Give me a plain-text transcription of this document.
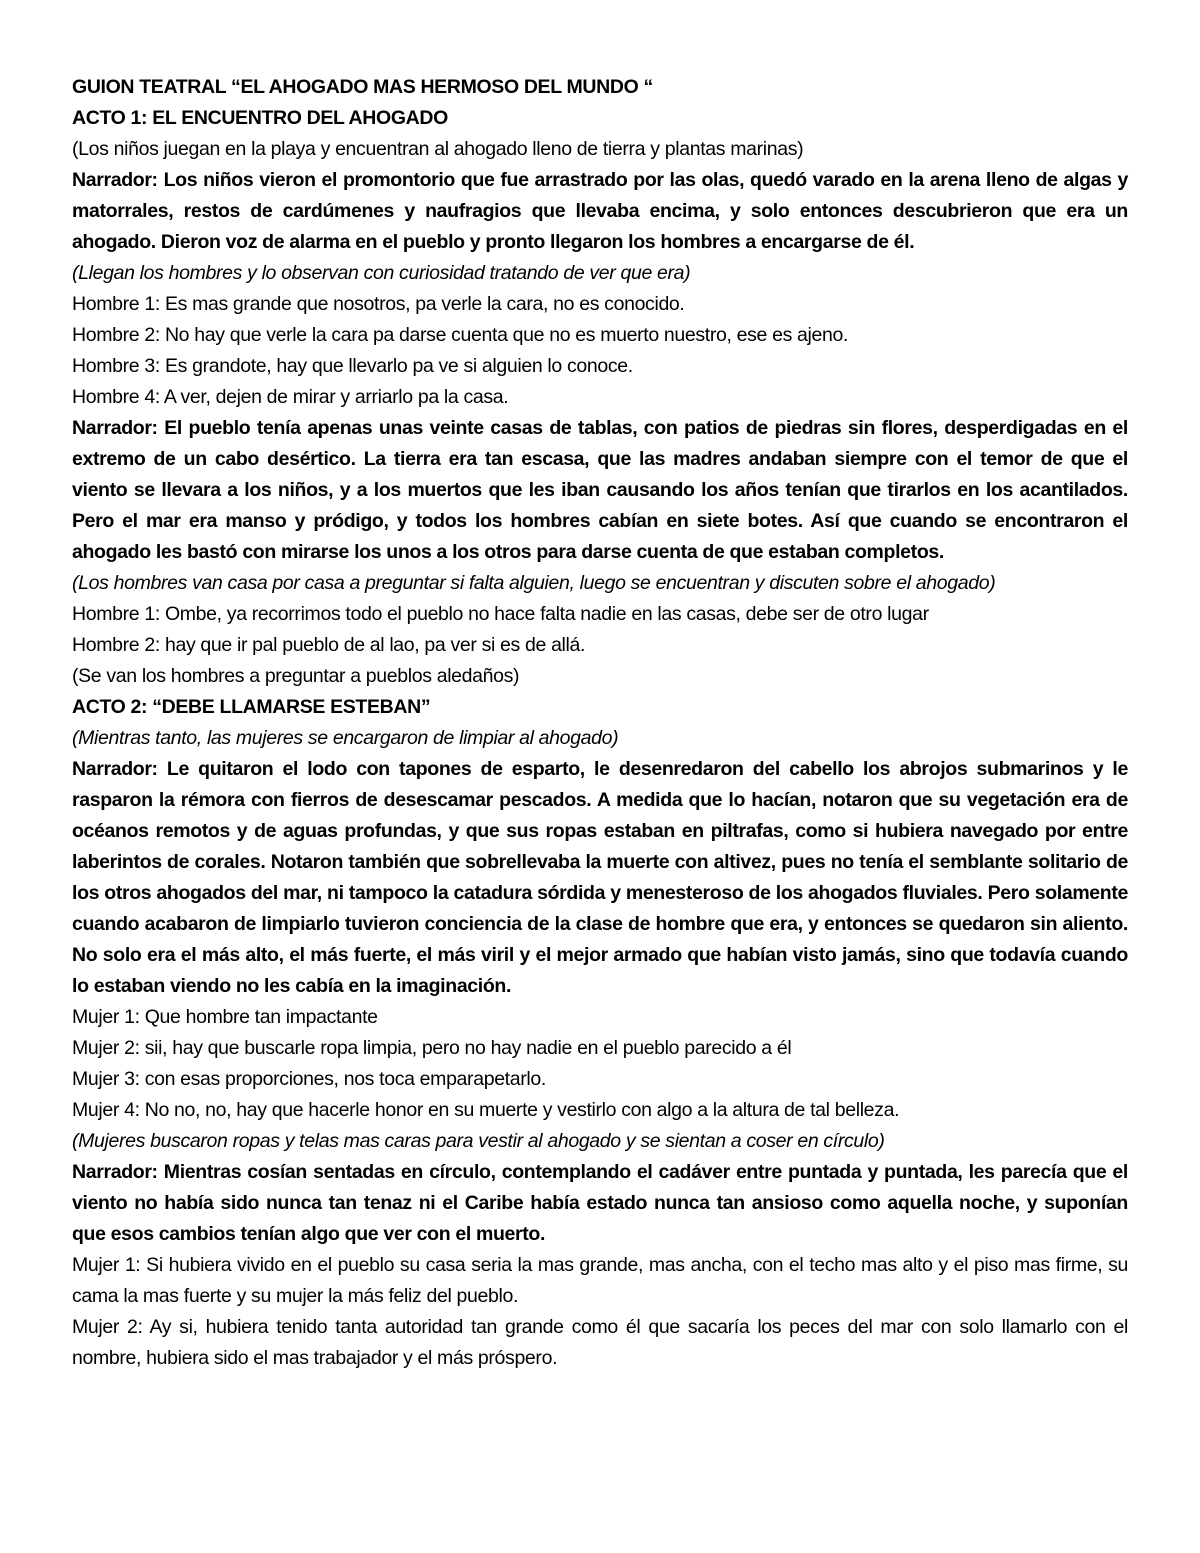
GUION TEATRAL “EL AHOGADO MAS HERMOSO DEL MUNDO “

ACTO 1: EL ENCUENTRO DEL AHOGADO

(Los niños juegan en la playa y encuentran al ahogado lleno de tierra y plantas marinas)

Narrador: Los niños vieron el promontorio que fue arrastrado por las olas, quedó varado en la arena lleno de algas y matorrales, restos de cardúmenes y naufragios que llevaba encima, y solo entonces descubrieron que era un ahogado. Dieron voz de alarma en el pueblo y pronto llegaron los hombres a encargarse de él.

(Llegan los hombres y lo observan con curiosidad tratando de ver que era)

Hombre 1: Es mas grande que nosotros, pa verle la cara, no es conocido.

Hombre 2: No hay que verle la cara pa darse cuenta que no es muerto nuestro, ese es ajeno.

Hombre 3: Es grandote, hay que llevarlo pa ve si alguien lo conoce.

Hombre 4: A ver, dejen de mirar y arriarlo pa la casa.

Narrador: El pueblo tenía apenas unas veinte casas de tablas, con patios de piedras sin flores, desperdigadas en el extremo de un cabo desértico. La tierra era tan escasa, que las madres andaban siempre con el temor de que el viento se llevara a los niños, y a los muertos que les iban causando los años tenían que tirarlos en los acantilados. Pero el mar era manso y pródigo, y todos los hombres cabían en siete botes. Así que cuando se encontraron el ahogado les bastó con mirarse los unos a los otros para darse cuenta de que estaban completos.

(Los hombres van casa por casa a preguntar si falta alguien, luego se encuentran y discuten sobre el ahogado)

Hombre 1: Ombe, ya recorrimos todo el pueblo no hace falta nadie en las casas, debe ser de otro lugar

Hombre 2: hay que ir pal pueblo de al lao, pa ver si es de allá.

(Se van los hombres a preguntar a pueblos aledaños)

ACTO 2: “DEBE LLAMARSE ESTEBAN”

(Mientras tanto, las mujeres se encargaron de limpiar al ahogado)

Narrador: Le quitaron el lodo con tapones de esparto, le desenredaron del cabello los abrojos submarinos y le rasparon la rémora con fierros de desescamar pescados. A medida que lo hacían, notaron que su vegetación era de océanos remotos y de aguas profundas, y que sus ropas estaban en piltrafas, como si hubiera navegado por entre laberintos de corales. Notaron también que sobrellevaba la muerte con altivez, pues no tenía el semblante solitario de los otros ahogados del mar, ni tampoco la catadura sórdida y menesteroso de los ahogados fluviales. Pero solamente cuando acabaron de limpiarlo tuvieron conciencia de la clase de hombre que era, y entonces se quedaron sin aliento. No solo era el más alto, el más fuerte, el más viril y el mejor armado que habían visto jamás, sino que todavía cuando lo estaban viendo no les cabía en la imaginación.

Mujer 1: Que hombre tan impactante

Mujer 2: sii, hay que buscarle ropa limpia, pero no hay nadie en el pueblo parecido a él

Mujer 3: con esas proporciones, nos toca emparapetarlo.

Mujer 4: No no, no, hay que hacerle honor en su muerte y vestirlo con algo a la altura de tal belleza.

(Mujeres buscaron ropas y telas mas caras para vestir al ahogado y se sientan a coser en círculo)

Narrador: Mientras cosían sentadas en círculo, contemplando el cadáver entre puntada y puntada, les parecía que el viento no había sido nunca tan tenaz ni el Caribe había estado nunca tan ansioso como aquella noche, y suponían que esos cambios tenían algo que ver con el muerto.

Mujer 1: Si hubiera vivido en el pueblo su casa seria la mas grande, mas ancha, con el techo mas alto y el piso mas firme, su cama la mas fuerte y su mujer la más feliz del pueblo.

Mujer 2: Ay si, hubiera tenido tanta autoridad tan grande como él que sacaría los peces del mar con solo llamarlo con el nombre, hubiera sido el mas trabajador y el más próspero.
